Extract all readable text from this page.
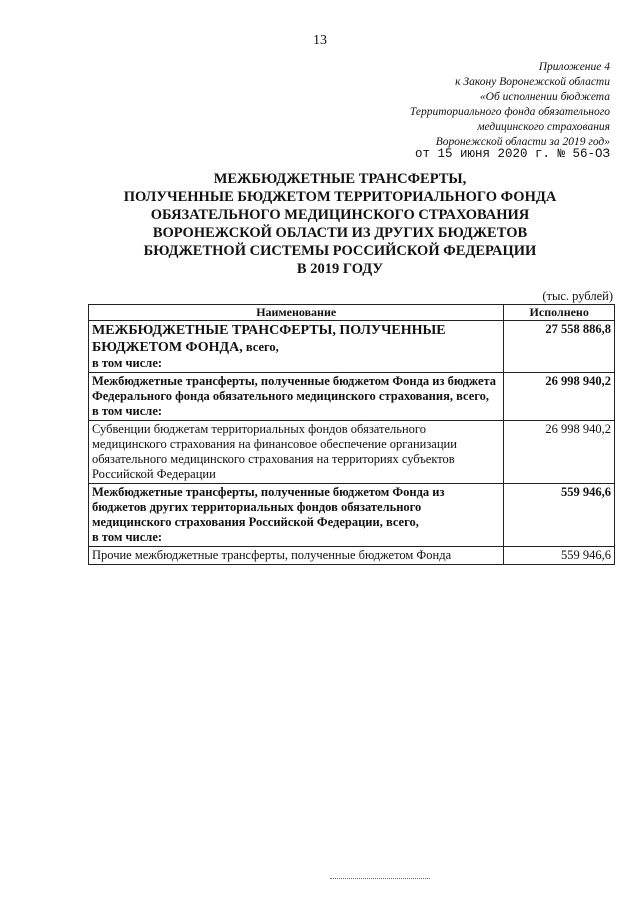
13
Приложение 4
к Закону Воронежской области
«Об исполнении бюджета
Территориального фонда обязательного
медицинского страхования
Воронежской области за 2019 год»
от 15 июня 2020 г. № 56-ОЗ
МЕЖБЮДЖЕТНЫЕ ТРАНСФЕРТЫ,
ПОЛУЧЕННЫЕ БЮДЖЕТОМ ТЕРРИТОРИАЛЬНОГО ФОНДА
ОБЯЗАТЕЛЬНОГО МЕДИЦИНСКОГО СТРАХОВАНИЯ
ВОРОНЕЖСКОЙ ОБЛАСТИ ИЗ ДРУГИХ БЮДЖЕТОВ
БЮДЖЕТНОЙ СИСТЕМЫ РОССИЙСКОЙ ФЕДЕРАЦИИ
В 2019 ГОДУ
(тыс. рублей)
Наименование	Исполнено
МЕЖБЮДЖЕТНЫЕ ТРАНСФЕРТЫ, ПОЛУЧЕННЫЕ БЮДЖЕТОМ ФОНДА, всего,
в том числе:	27 558 886,8
Межбюджетные трансферты, полученные бюджетом Фонда из бюджета Федерального фонда обязательного медицинского страхования, всего,
в том числе:	26 998 940,2
Субвенции бюджетам территориальных фондов обязательного медицинского страхования на финансовое обеспечение организации обязательного медицинского страхования на территориях субъектов Российской Федерации	26 998 940,2
Межбюджетные трансферты, полученные бюджетом Фонда из бюджетов других территориальных фондов обязательного медицинского страхования Российской Федерации, всего,
в том числе:	559 946,6
Прочие межбюджетные трансферты, полученные бюджетом Фонда	559 946,6
